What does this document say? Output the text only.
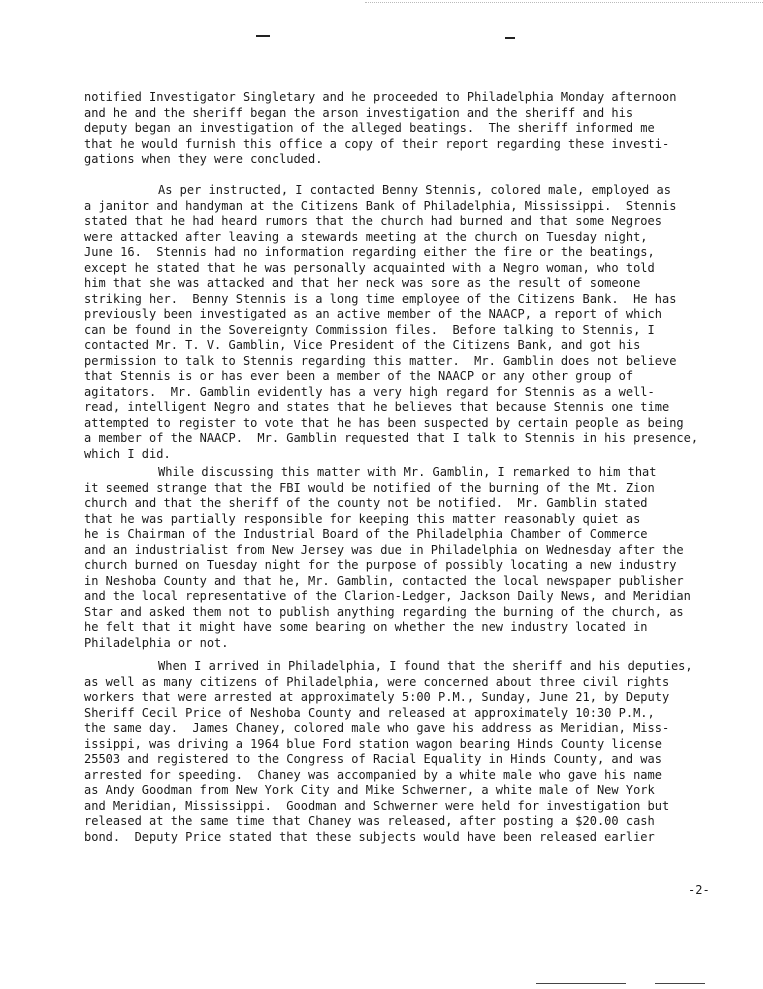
notified Investigator Singletary and he proceeded to Philadelphia Monday afternoon
and he and the sheriff began the arson investigation and the sheriff and his
deputy began an investigation of the alleged beatings.  The sheriff informed me
that he would furnish this office a copy of their report regarding these investi-
gations when they were concluded.
As per instructed, I contacted Benny Stennis, colored male, employed as
a janitor and handyman at the Citizens Bank of Philadelphia, Mississippi.  Stennis
stated that he had heard rumors that the church had burned and that some Negroes
were attacked after leaving a stewards meeting at the church on Tuesday night,
June 16.  Stennis had no information regarding either the fire or the beatings,
except he stated that he was personally acquainted with a Negro woman, who told
him that she was attacked and that her neck was sore as the result of someone
striking her.  Benny Stennis is a long time employee of the Citizens Bank.  He has
previously been investigated as an active member of the NAACP, a report of which
can be found in the Sovereignty Commission files.  Before talking to Stennis, I
contacted Mr. T. V. Gamblin, Vice President of the Citizens Bank, and got his
permission to talk to Stennis regarding this matter.  Mr. Gamblin does not believe
that Stennis is or has ever been a member of the NAACP or any other group of
agitators.  Mr. Gamblin evidently has a very high regard for Stennis as a well-
read, intelligent Negro and states that he believes that because Stennis one time
attempted to register to vote that he has been suspected by certain people as being
a member of the NAACP.  Mr. Gamblin requested that I talk to Stennis in his presence,
which I did.
While discussing this matter with Mr. Gamblin, I remarked to him that
it seemed strange that the FBI would be notified of the burning of the Mt. Zion
church and that the sheriff of the county not be notified.  Mr. Gamblin stated
that he was partially responsible for keeping this matter reasonably quiet as
he is Chairman of the Industrial Board of the Philadelphia Chamber of Commerce
and an industrialist from New Jersey was due in Philadelphia on Wednesday after the
church burned on Tuesday night for the purpose of possibly locating a new industry
in Neshoba County and that he, Mr. Gamblin, contacted the local newspaper publisher
and the local representative of the Clarion-Ledger, Jackson Daily News, and Meridian
Star and asked them not to publish anything regarding the burning of the church, as
he felt that it might have some bearing on whether the new industry located in
Philadelphia or not.
When I arrived in Philadelphia, I found that the sheriff and his deputies,
as well as many citizens of Philadelphia, were concerned about three civil rights
workers that were arrested at approximately 5:00 P.M., Sunday, June 21, by Deputy
Sheriff Cecil Price of Neshoba County and released at approximately 10:30 P.M.,
the same day.  James Chaney, colored male who gave his address as Meridian, Miss-
issippi, was driving a 1964 blue Ford station wagon bearing Hinds County license
25503 and registered to the Congress of Racial Equality in Hinds County, and was
arrested for speeding.  Chaney was accompanied by a white male who gave his name
as Andy Goodman from New York City and Mike Schwerner, a white male of New York
and Meridian, Mississippi.  Goodman and Schwerner were held for investigation but
released at the same time that Chaney was released, after posting a $20.00 cash
bond.  Deputy Price stated that these subjects would have been released earlier
-2-
